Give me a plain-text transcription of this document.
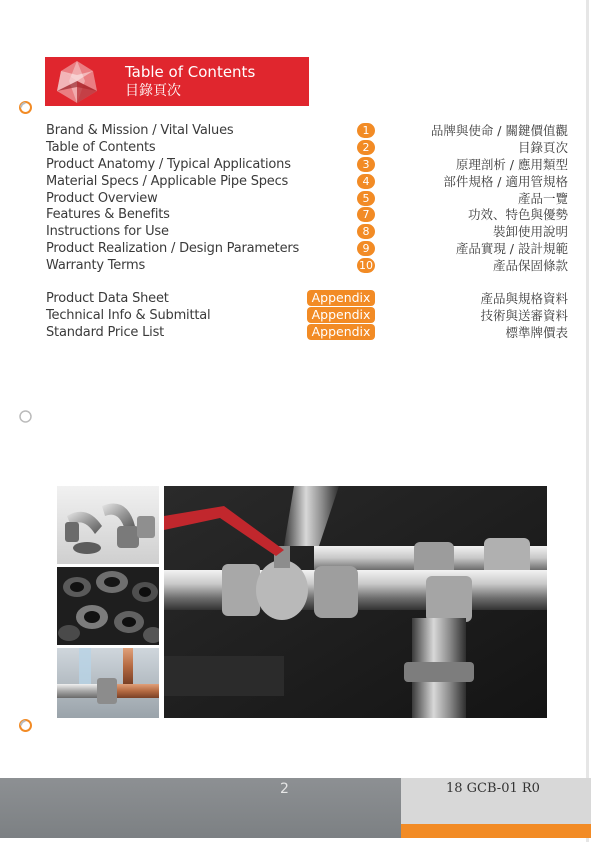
Table of Contents
目錄頁次
Brand & Mission / Vital Values	1	品牌與使命 / 關鍵價值觀
Table of Contents	2	目錄頁次
Product Anatomy / Typical Applications	3	原理剖析 / 應用類型
Material Specs / Applicable Pipe Specs	4	部件規格 / 適用管規格
Product Overview	5	產品一覽
Features & Benefits	7	功效、特色與優勢
Instructions for Use	8	裝卸使用說明
Product Realization / Design Parameters	9	產品實現 / 設計規範
Warranty Terms	10	產品保固條款
Product Data Sheet	Appendix	產品與規格資料
Technical Info & Submittal	Appendix	技術與送審資料
Standard Price List	Appendix	標準牌價表
2	18 GCB-01 R0
